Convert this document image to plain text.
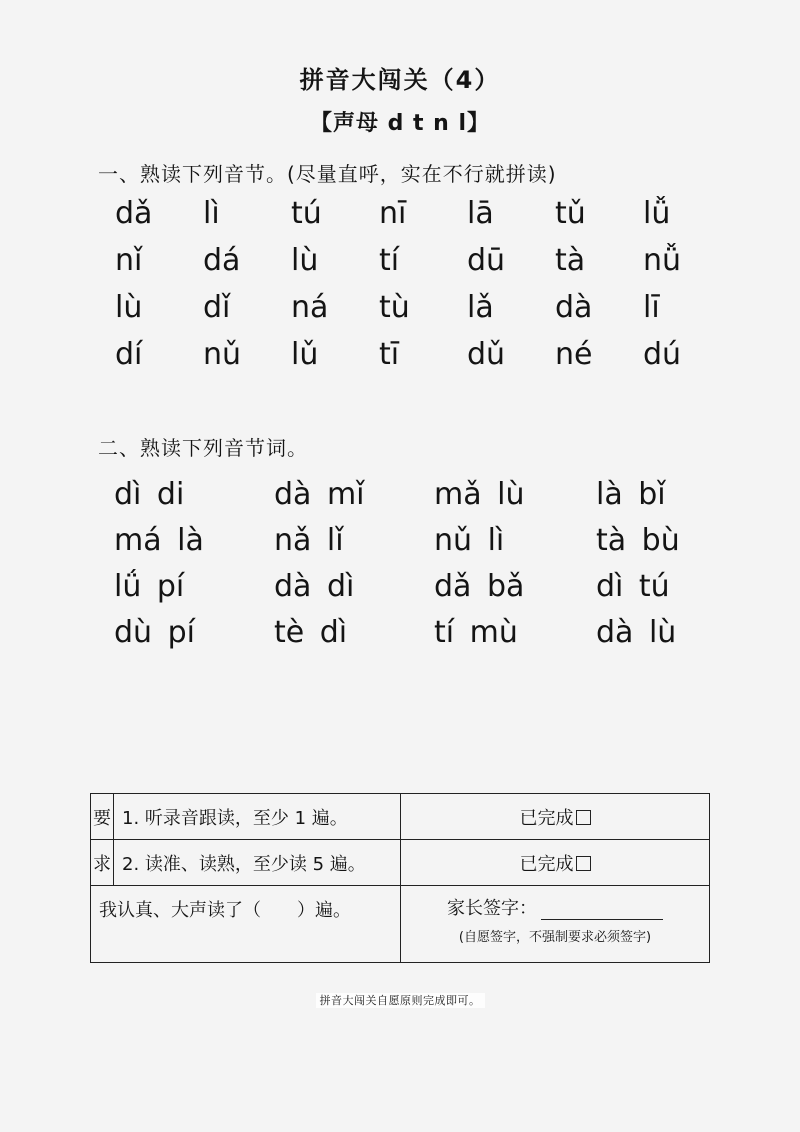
拼音大闯关（4）
【声母 d t n l】
一、熟读下列音节。(尽量直呼，实在不行就拼读)
dǎ	lì	tú	nī	lā	tǔ	lǚ
nǐ	dá	lù	tí	dū	tà	nǚ
lù	dǐ	ná	tù	lǎ	dà	lī
dí	nǔ	lǔ	tī	dǔ	né	dú
二、熟读下列音节词。
dì di	dà mǐ	mǎ lù	là bǐ
má là	nǎ lǐ	nǔ lì	tà bù
lǘ pí	dà dì	dǎ bǎ	dì tú
dù pí	tè dì	tí mù	dà lù
要	1. 听录音跟读，至少 1 遍。	已完成
求	2. 读准、读熟，至少读 5 遍。	已完成
我认真、大声读了（　　）遍。		家长签字：
(自愿签字，不强制要求必须签字)
拼音大闯关自愿原则完成即可。
